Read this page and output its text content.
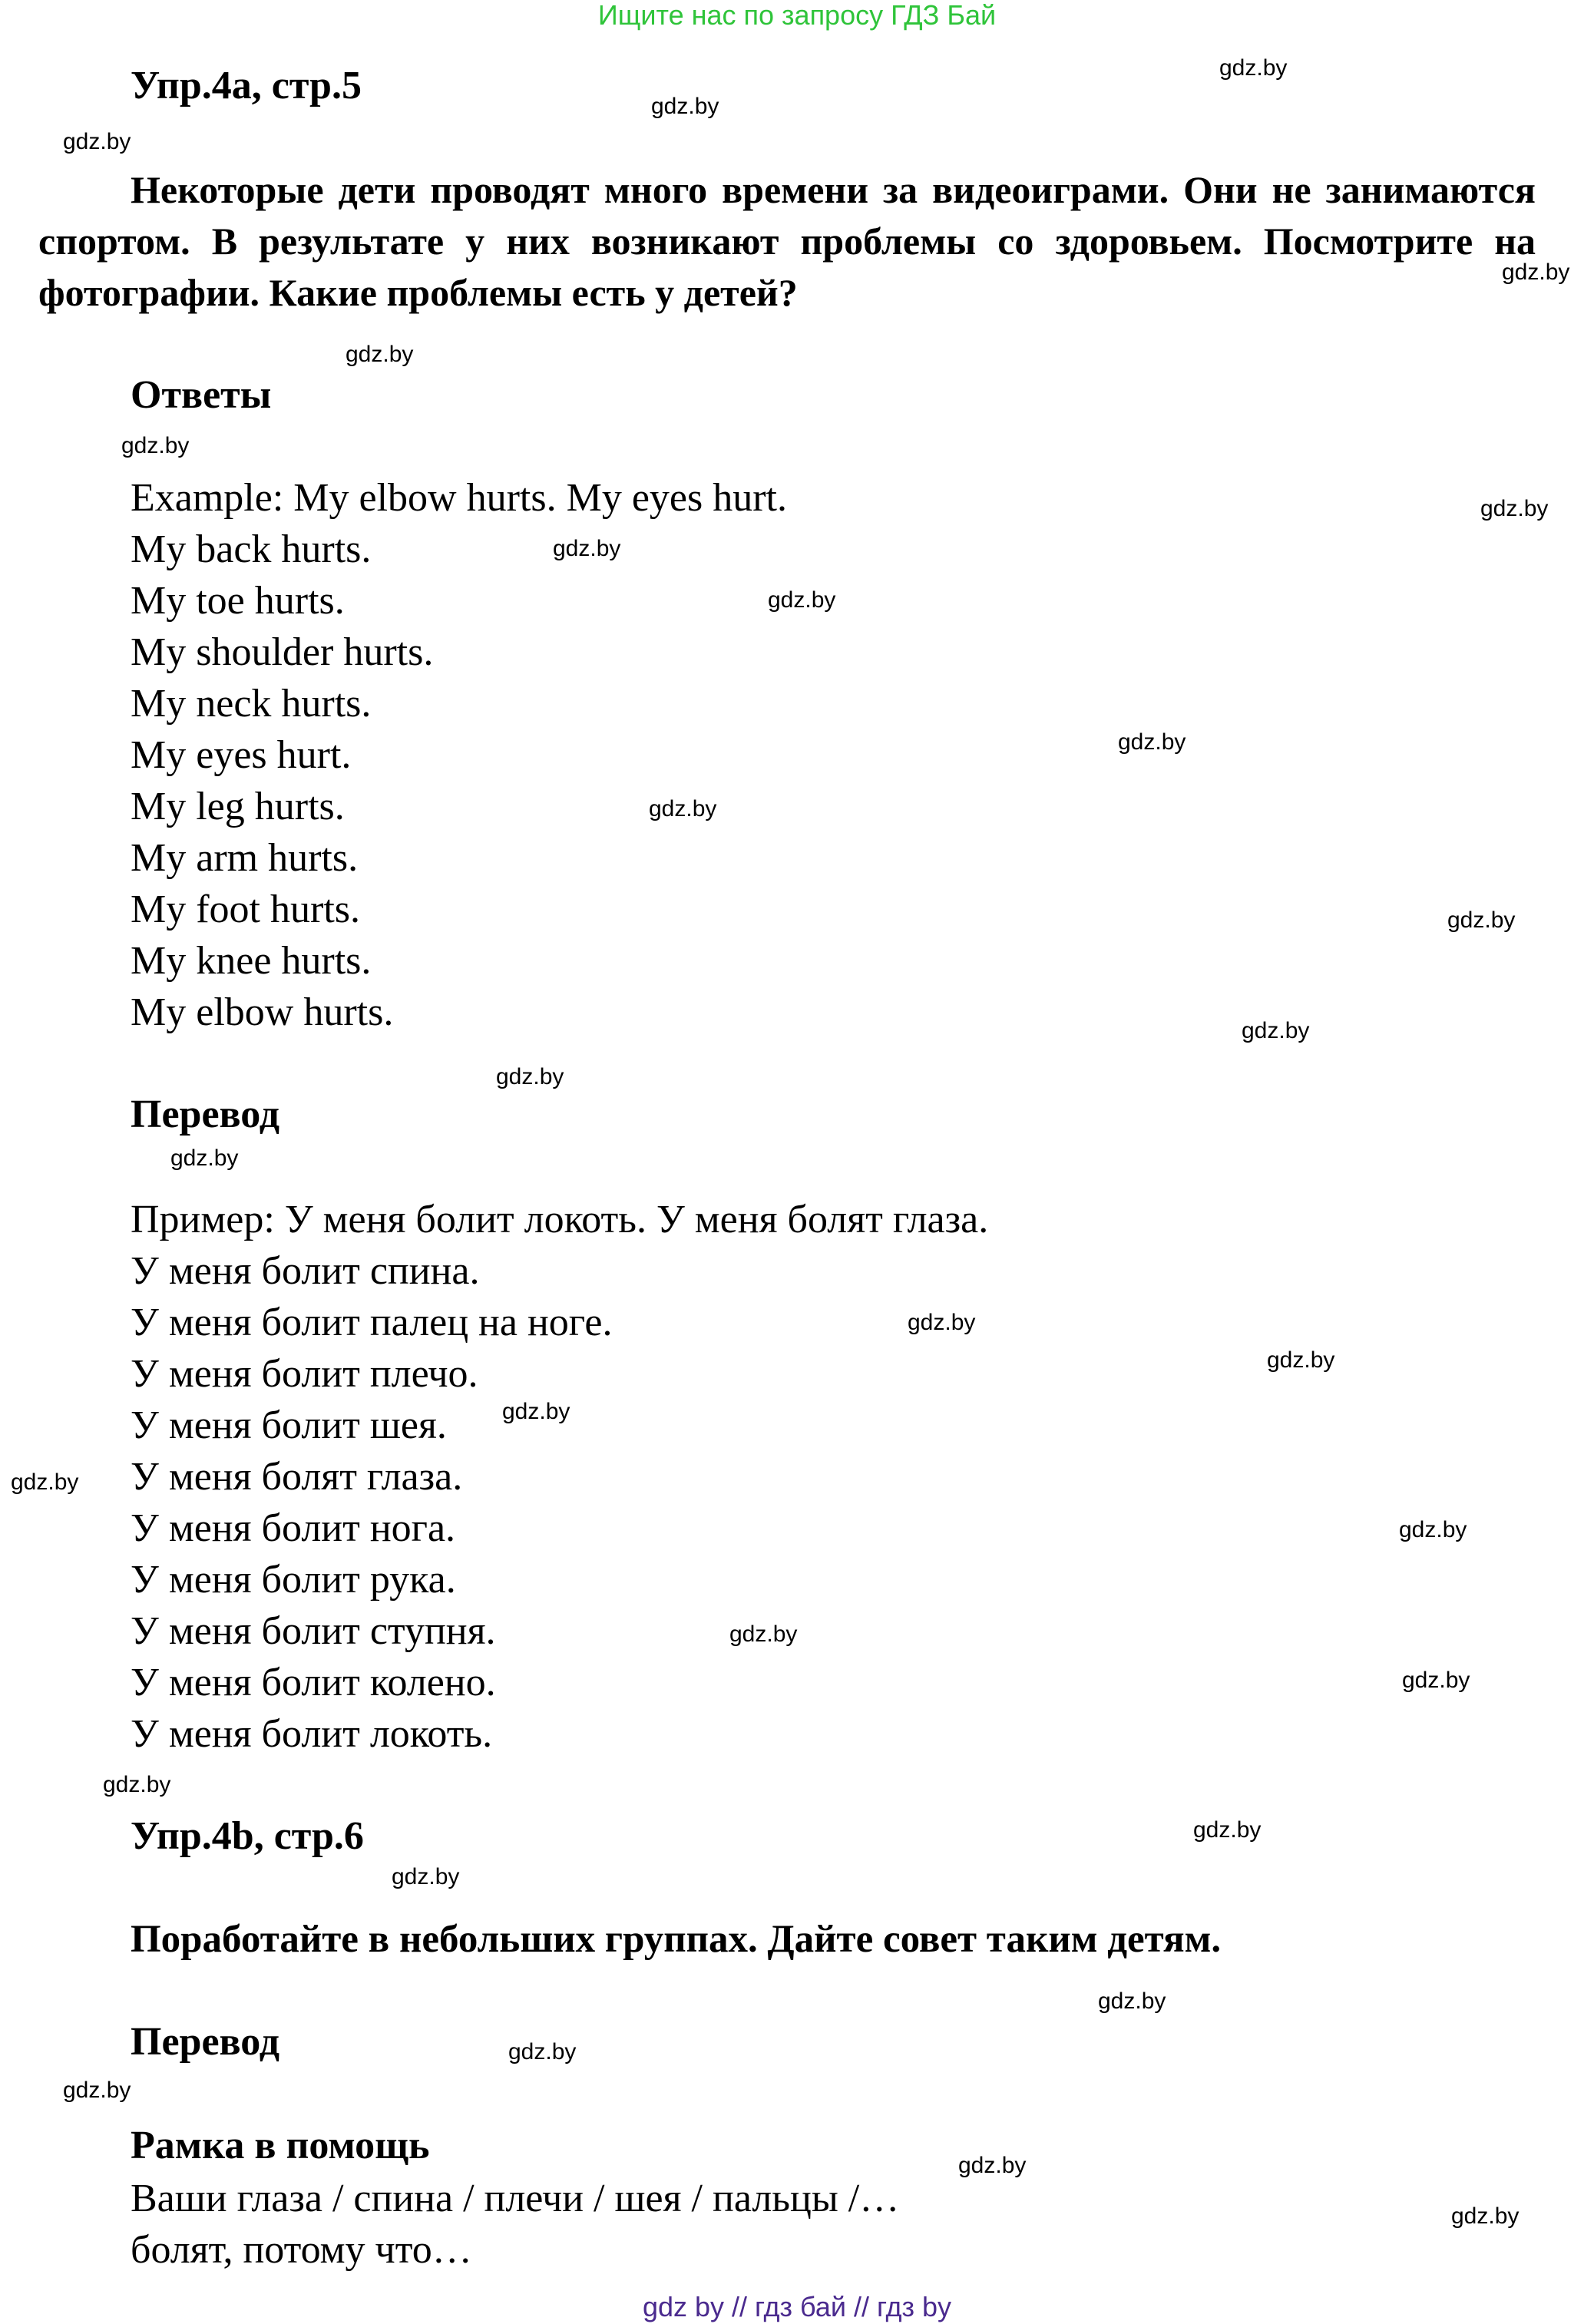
Ищите нас по запросу ГДЗ Бай
Упр.4a, стр.5
Некоторые дети проводят много времени за видеоиграми. Они не занимаются спортом. В результате у них возникают проблемы со здоровьем. Посмотрите на фотографии. Какие проблемы есть у детей?
Ответы
Example: My elbow hurts. My eyes hurt.
My back hurts.
My toe hurts.
My shoulder hurts.
My neck hurts.
My eyes hurt.
My leg hurts.
My arm hurts.
My foot hurts.
My knee hurts.
My elbow hurts.
Перевод
Пример: У меня болит локоть. У меня болят глаза.
У меня болит спина.
У меня болит палец на ноге.
У меня болит плечо.
У меня болит шея.
У меня болят глаза.
У меня болит нога.
У меня болит рука.
У меня болит ступня.
У меня болит колено.
У меня болит локоть.
Упр.4b, стр.6
Поработайте в небольших группах. Дайте совет таким детям.
Перевод
Рамка в помощь
Ваши глаза / спина / плечи / шея / пальцы /…
болят, потому что…
gdz.by
gdz.by
gdz.by
gdz.by
gdz.by
gdz.by
gdz.by
gdz.by
gdz.by
gdz.by
gdz.by
gdz.by
gdz.by
gdz.by
gdz.by
gdz.by
gdz.by
gdz.by
gdz.by
gdz.by
gdz.by
gdz.by
gdz.by
gdz.by
gdz.by
gdz.by
gdz.by
gdz.by
gdz.by
gdz.by
gdz by // гдз бай // гдз by
